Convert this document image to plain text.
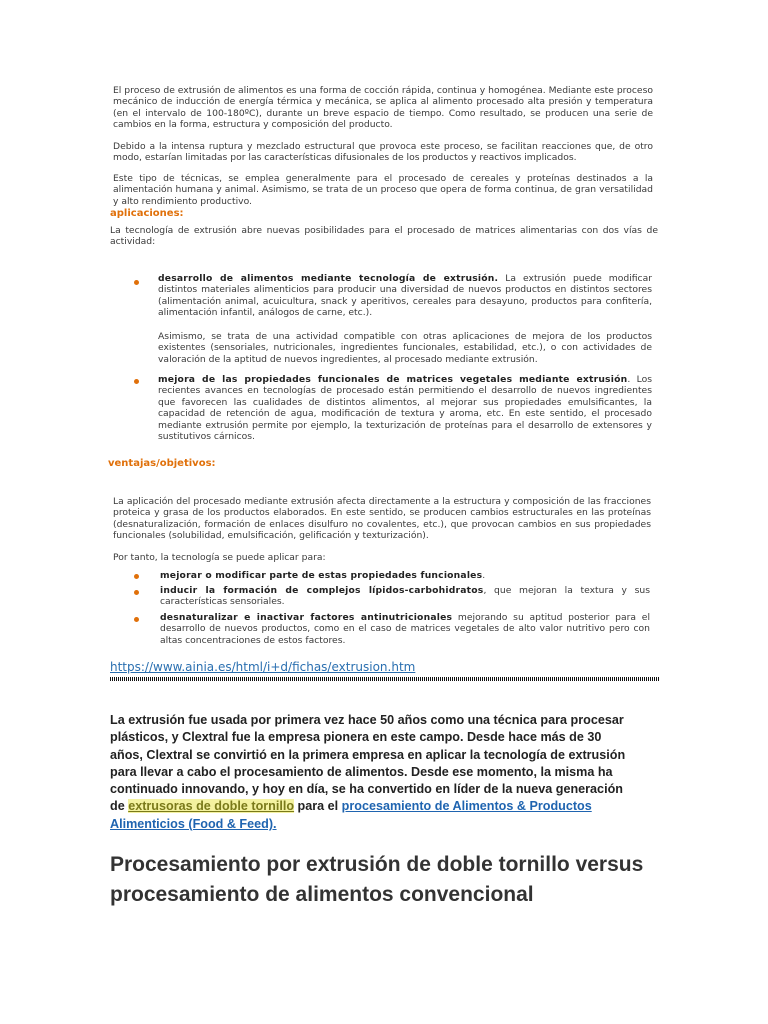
El proceso de extrusión de alimentos es una forma de cocción rápida, continua y homogénea. Mediante este proceso mecánico de inducción de energía térmica y mecánica, se aplica al alimento procesado alta presión y temperatura (en el intervalo de 100-180ºC), durante un breve espacio de tiempo. Como resultado, se producen una serie de cambios en la forma, estructura y composición del producto.

Debido a la intensa ruptura y mezclado estructural que provoca este proceso, se facilitan reacciones que, de otro modo, estarían limitadas por las características difusionales de los productos y reactivos implicados.

Este tipo de técnicas, se emplea generalmente para el procesado de cereales y proteínas destinados a la alimentación humana y animal. Asimismo, se trata de un proceso que opera de forma continua, de gran versatilidad y alto rendimiento productivo.

aplicaciones:

La tecnología de extrusión abre nuevas posibilidades para el procesado de matrices alimentarias con dos vías de actividad:

desarrollo de alimentos mediante tecnología de extrusión. La extrusión puede modificar distintos materiales alimenticios para producir una diversidad de nuevos productos en distintos sectores (alimentación animal, acuicultura, snack y aperitivos, cereales para desayuno, productos para confitería, alimentación infantil, análogos de carne, etc.).

Asimismo, se trata de una actividad compatible con otras aplicaciones de mejora de los productos existentes (sensoriales, nutricionales, ingredientes funcionales, estabilidad, etc.), o con actividades de valoración de la aptitud de nuevos ingredientes, al procesado mediante extrusión.

mejora de las propiedades funcionales de matrices vegetales mediante extrusión. Los recientes avances en tecnologías de procesado están permitiendo el desarrollo de nuevos ingredientes que favorecen las cualidades de distintos alimentos, al mejorar sus propiedades emulsificantes, la capacidad de retención de agua, modificación de textura y aroma, etc. En este sentido, el procesado mediante extrusión permite por ejemplo, la texturización de proteínas para el desarrollo de extensores y sustitutivos cárnicos.
ventajas/objetivos:

La aplicación del procesado mediante extrusión afecta directamente a la estructura y composición de las fracciones proteica y grasa de los productos elaborados. En este sentido, se producen cambios estructurales en las proteínas (desnaturalización, formación de enlaces disulfuro no covalentes, etc.), que provocan cambios en sus propiedades funcionales (solubilidad, emulsificación, gelificación y texturización).

Por tanto, la tecnología se puede aplicar para:

mejorar o modificar parte de estas propiedades funcionales.
inducir la formación de complejos lípidos-carbohidratos, que mejoran la textura y sus características sensoriales.
desnaturalizar e inactivar factores antinutricionales mejorando su aptitud posterior para el desarrollo de nuevos productos, como en el caso de matrices vegetales de alto valor nutritivo pero con altas concentraciones de estos factores.
https://www.ainia.es/html/i+d/fichas/extrusion.htm

La extrusión fue usada por primera vez hace 50 años como una técnica para procesar plásticos, y Clextral fue la empresa pionera en este campo. Desde hace más de 30 años, Clextral se convirtió en la primera empresa en aplicar la tecnología de extrusión para llevar a cabo el procesamiento de alimentos. Desde ese momento, la misma ha continuado innovando, y hoy en día, se ha convertido en líder de la nueva generación de extrusoras de doble tornillo para el procesamiento de Alimentos & Productos Alimenticios (Food & Feed).

Procesamiento por extrusión de doble tornillo versus procesamiento de alimentos convencional
